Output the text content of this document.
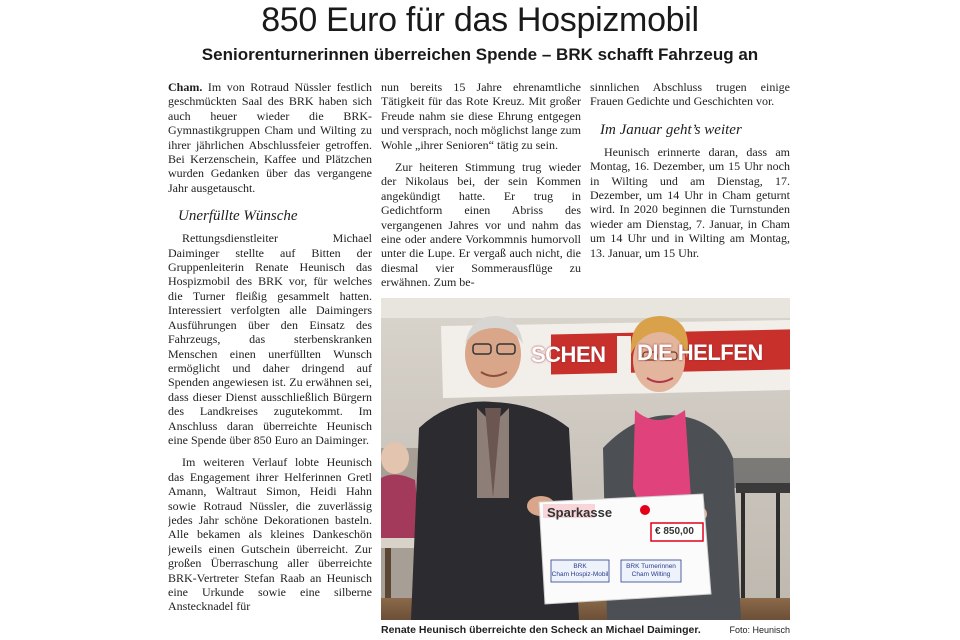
850 Euro für das Hospizmobil
Seniorenturnerinnen überreichen Spende – BRK schafft Fahrzeug an

Cham. Im von Rotraud Nüssler festlich geschmückten Saal des BRK haben sich auch heuer wieder die BRK-Gymnastikgruppen Cham und Wilting zu ihrer jährlichen Abschlussfeier getroffen. Bei Kerzenschein, Kaffee und Plätzchen wurden Gedanken über das vergangene Jahr ausgetauscht.

Unerfüllte Wünsche

Rettungsdienstleiter Michael Daiminger stellte auf Bitten der Gruppenleiterin Renate Heunisch das Hospizmobil des BRK vor, für welches die Turner fleißig gesammelt hatten. Interessiert verfolgten alle Daimingers Ausführungen über den Einsatz des Fahrzeugs, das sterbenskranken Menschen einen unerfüllten Wunsch ermöglicht und daher dringend auf Spenden angewiesen ist. Zu erwähnen sei, dass dieser Dienst ausschließlich Bürgern des Landkreises zugutekommt. Im Anschluss daran überreichte Heunisch eine Spende über 850 Euro an Daiminger.

Im weiteren Verlauf lobte Heunisch das Engagement ihrer Helferinnen Gretl Amann, Waltraut Simon, Heidi Hahn sowie Rotraud Nüssler, die zuverlässig jedes Jahr schöne Dekorationen basteln. Alle bekamen als kleines Dankeschön jeweils einen Gutschein überreicht. Zur großen Überraschung aller überreichte BRK-Vertreter Stefan Raab an Heunisch eine Urkunde sowie eine silberne Anstecknadel für

nun bereits 15 Jahre ehrenamtliche Tätigkeit für das Rote Kreuz. Mit großer Freude nahm sie diese Ehrung entgegen und versprach, noch möglichst lange zum Wohle „ihrer Senioren“ tätig zu sein.

Zur heiteren Stimmung trug wieder der Nikolaus bei, der sein Kommen angekündigt hatte. Er trug in Gedichtform einen Abriss des vergangenen Jahres vor und nahm das eine oder andere Vorkommnis humorvoll unter die Lupe. Er vergaß auch nicht, die diesmal vier Sommerausflüge zu erwähnen. Zum be-

sinnlichen Abschluss trugen einige Frauen Gedichte und Geschichten vor.

Im Januar geht’s weiter

Heunisch erinnerte daran, dass am Montag, 16. Dezember, um 15 Uhr noch in Wilting und am Dienstag, 17. Dezember, um 14 Uhr in Cham geturnt wird. In 2020 beginnen die Turnstunden wieder am Dienstag, 7. Januar, in Cham um 14 Uhr und in Wilting am Montag, 13. Januar, um 15 Uhr.

SCHEN DIE HELFEN
Sparkasse
€ 850,00
BRK
Cham Hospiz-Mobil
BRK Turnerinnen
Cham Wilting
Renate Heunisch überreichte den Scheck an Michael Daiminger.	Foto: Heunisch
